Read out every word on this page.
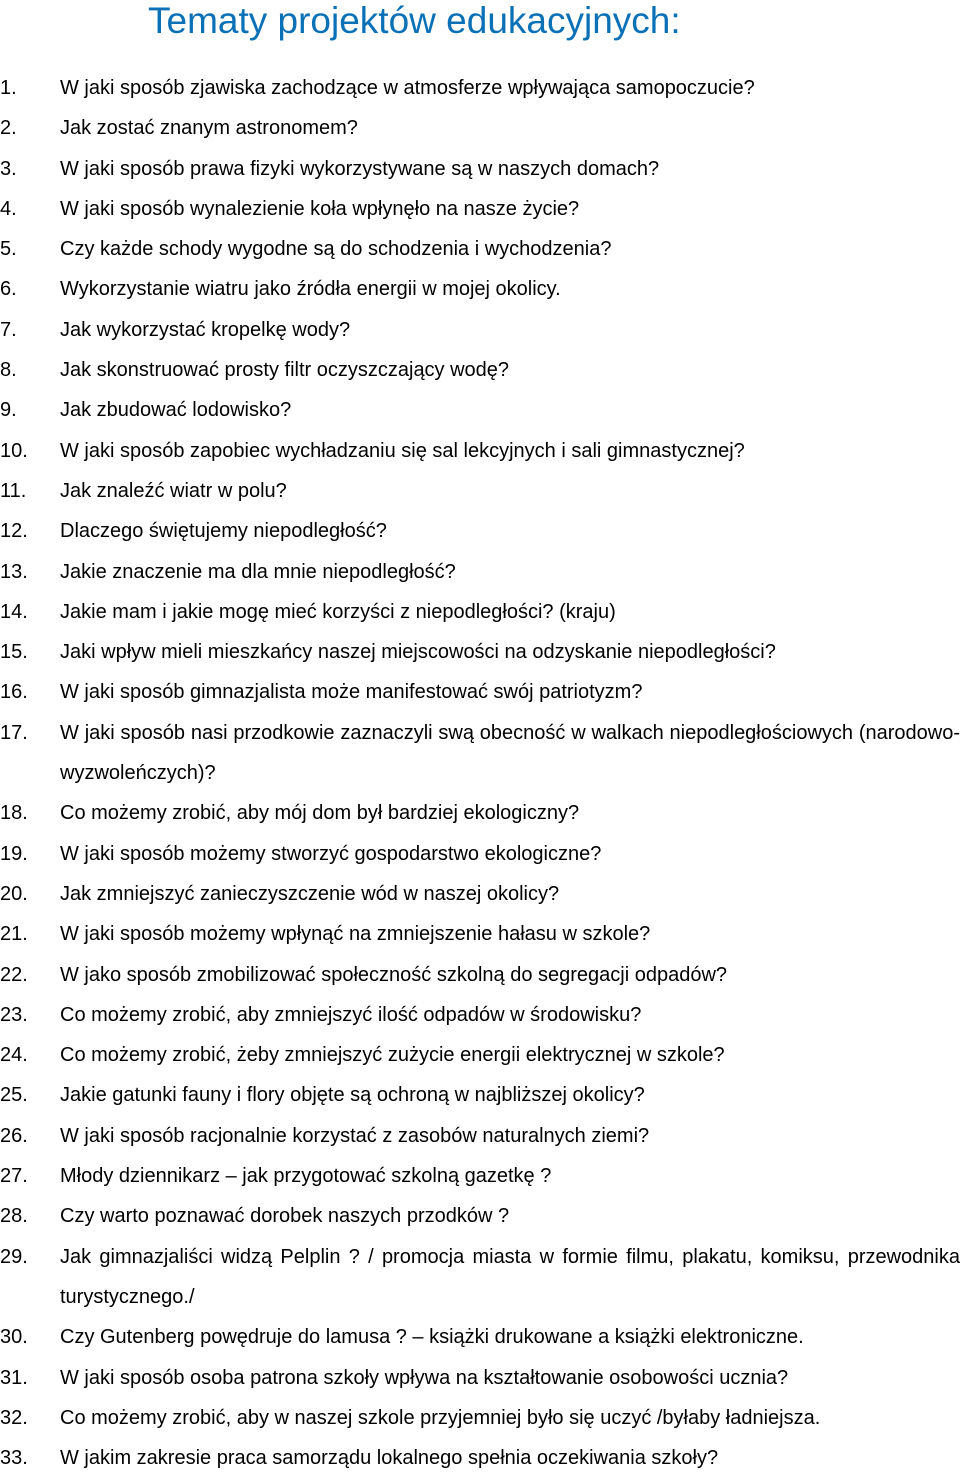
Tematy projektów edukacyjnych:
1.	W jaki sposób zjawiska zachodzące w atmosferze wpływająca samopoczucie?
2.	Jak zostać znanym astronomem?
3.	W jaki sposób prawa fizyki wykorzystywane są w naszych domach?
4.	W jaki sposób wynalezienie koła wpłynęło na nasze życie?
5.	Czy każde schody wygodne są do schodzenia i wychodzenia?
6.	Wykorzystanie wiatru jako źródła energii w mojej okolicy.
7.	Jak wykorzystać kropelkę wody?
8.	Jak skonstruować prosty filtr oczyszczający wodę?
9.	Jak zbudować lodowisko?
10.	W jaki sposób zapobiec wychładzaniu się sal lekcyjnych i sali gimnastycznej?
11.	Jak znaleźć wiatr w polu?
12.	Dlaczego świętujemy niepodległość?
13.	Jakie znaczenie ma dla mnie niepodległość?
14.	Jakie mam i jakie mogę mieć korzyści z niepodległości? (kraju)
15.	Jaki wpływ mieli mieszkańcy naszej miejscowości na odzyskanie niepodległości?
16.	W jaki sposób gimnazjalista może manifestować swój patriotyzm?
17.	W jaki sposób nasi przodkowie zaznaczyli swą obecność w walkach niepodległościowych (narodowo-wyzwoleńczych)?
18.	Co możemy zrobić, aby mój dom był bardziej ekologiczny?
19.	W jaki sposób możemy stworzyć gospodarstwo ekologiczne?
20.	Jak zmniejszyć zanieczyszczenie wód w naszej okolicy?
21.	W jaki sposób możemy wpłynąć na zmniejszenie hałasu w szkole?
22.	W jako sposób zmobilizować społeczność szkolną do segregacji odpadów?
23.	Co możemy zrobić, aby zmniejszyć ilość odpadów w środowisku?
24.	Co możemy zrobić, żeby zmniejszyć zużycie energii elektrycznej w szkole?
25.	Jakie gatunki fauny i flory objęte są ochroną w najbliższej okolicy?
26.	W jaki sposób racjonalnie korzystać z zasobów naturalnych ziemi?
27.	Młody dziennikarz – jak przygotować szkolną gazetkę ?
28.	Czy warto poznawać dorobek naszych przodków ?
29.	Jak gimnazjaliści widzą Pelplin ? / promocja miasta w formie filmu, plakatu, komiksu, przewodnika turystycznego./
30.	Czy Gutenberg powędruje do lamusa ? – książki drukowane a książki elektroniczne.
31.	W jaki sposób osoba patrona szkoły wpływa na kształtowanie osobowości ucznia?
32.	Co możemy zrobić, aby w naszej szkole przyjemniej było się uczyć /byłaby ładniejsza.
33.	W jakim zakresie praca samorządu lokalnego spełnia oczekiwania szkoły?
